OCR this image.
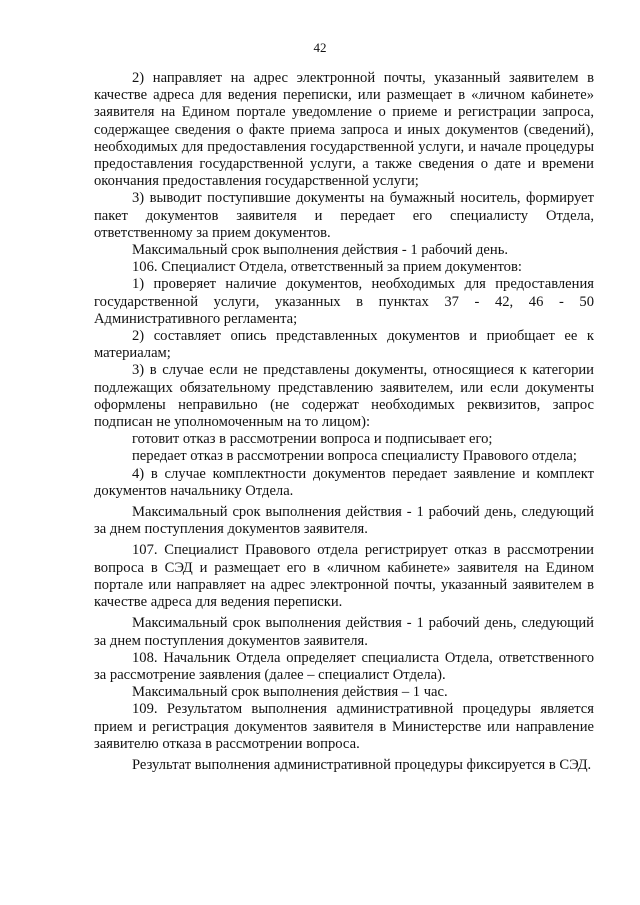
42

2) направляет на адрес электронной почты, указанный заявителем в качестве адреса для ведения переписки, или размещает в «личном кабинете» заявителя на Едином портале уведомление о приеме и регистрации запроса, содержащее сведения о факте приема запроса и иных документов (сведений), необходимых для предоставления государственной услуги, и начале процедуры предоставления государственной услуги, а также сведения о дате и времени окончания предоставления государственной услуги;

3) выводит поступившие документы на бумажный носитель, формирует пакет документов заявителя и передает его специалисту Отдела, ответственному за прием документов.

Максимальный срок выполнения действия - 1 рабочий день.

106. Специалист Отдела, ответственный за прием документов:

1) проверяет наличие документов, необходимых для предоставления государственной услуги, указанных в пунктах 37 - 42, 46 - 50 Административного регламента;

2) составляет опись представленных документов и приобщает ее к материалам;

3) в случае если не представлены документы, относящиеся к категории подлежащих обязательному представлению заявителем, или если документы оформлены неправильно (не содержат необходимых реквизитов, запрос подписан не уполномоченным на то лицом):

готовит отказ в рассмотрении вопроса и подписывает его;

передает отказ в рассмотрении вопроса специалисту Правового отдела;

4) в случае комплектности документов передает заявление и комплект документов начальнику Отдела.

Максимальный срок выполнения действия - 1 рабочий день, следующий за днем поступления документов заявителя.

107. Специалист Правового отдела регистрирует отказ в рассмотрении вопроса в СЭД и размещает его в «личном кабинете» заявителя на Едином портале или направляет на адрес электронной почты, указанный заявителем в качестве адреса для ведения переписки.

Максимальный срок выполнения действия - 1 рабочий день, следующий за днем поступления документов заявителя.

108. Начальник Отдела определяет специалиста Отдела, ответственного за рассмотрение заявления (далее – специалист Отдела).

Максимальный срок выполнения действия – 1 час.

109. Результатом выполнения административной процедуры является прием и регистрация документов заявителя в Министерстве или направление заявителю отказа в рассмотрении вопроса.

Результат выполнения административной процедуры фиксируется в СЭД.
